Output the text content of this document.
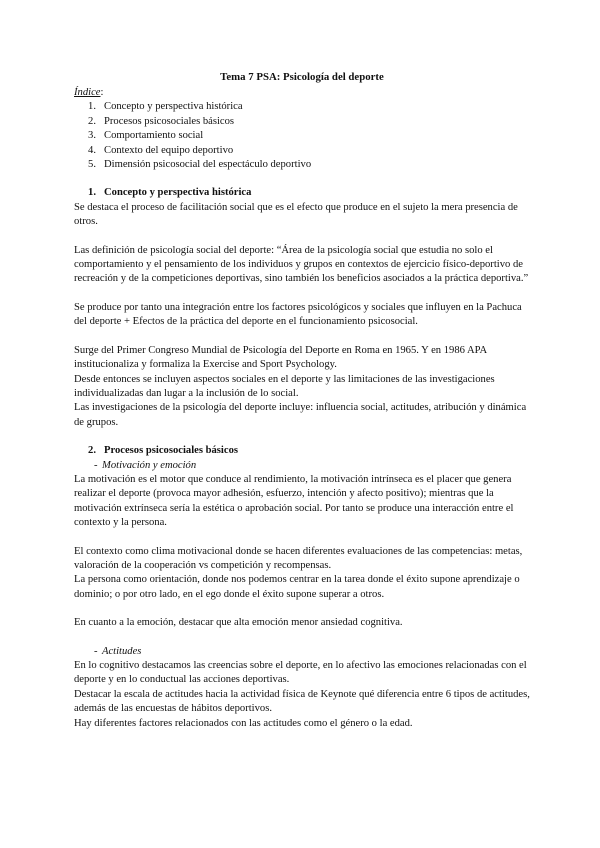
Tema 7 PSA: Psicología del deporte

Índice:

1. Concepto y perspectiva histórica
2. Procesos psicosociales básicos
3. Comportamiento social
4. Contexto del equipo deportivo
5. Dimensión psicosocial del espectáculo deportivo
1. Concepto y perspectiva histórica

Se destaca el proceso de facilitación social que es el efecto que produce en el sujeto la mera presencia de otros.

Las definición de psicología social del deporte: “Área de la psicología social que estudia no solo el comportamiento y el pensamiento de los individuos y grupos en contextos de ejercicio físico-deportivo de recreación y de la competiciones deportivas, sino también los beneficios asociados a la práctica deportiva.”

Se produce por tanto una integración entre los factores psicológicos y sociales que influyen en la Pachuca del deporte + Efectos de la práctica del deporte en el funcionamiento psicosocial.

Surge del Primer Congreso Mundial de Psicología del Deporte en Roma en 1965. Y en 1986 APA institucionaliza y formaliza la Exercise and Sport Psychology.

Desde entonces se incluyen aspectos sociales en el deporte y las limitaciones de las investigaciones individualizadas dan lugar a la inclusión de lo social.

Las investigaciones de la psicología del deporte incluye: influencia social, actitudes, atribución y dinámica de grupos.

2. Procesos psicosociales básicos
- Motivación y emoción

La motivación es el motor que conduce al rendimiento, la motivación intrínseca es el placer que genera realizar el deporte (provoca mayor adhesión, esfuerzo, intención y afecto positivo); mientras que la motivación extrínseca sería la estética o aprobación social. Por tanto se produce una interacción entre el contexto y la persona.

El contexto como clima motivacional donde se hacen diferentes evaluaciones de las competencias: metas, valoración de la cooperación vs competición y recompensas.

La persona como orientación, donde nos podemos centrar en la tarea donde el éxito supone aprendizaje o dominio; o por otro lado, en el ego donde el éxito supone superar a otros.

En cuanto a la emoción, destacar que alta emoción menor ansiedad cognitiva.

- Actitudes

En lo cognitivo destacamos las creencias sobre el deporte, en lo afectivo las emociones relacionadas con el deporte y en lo conductual las acciones deportivas.

Destacar la escala de actitudes hacia la actividad física de Keynote qué diferencia entre 6 tipos de actitudes, además de las encuestas de hábitos deportivos.

Hay diferentes factores relacionados con las actitudes como el género o la edad.
